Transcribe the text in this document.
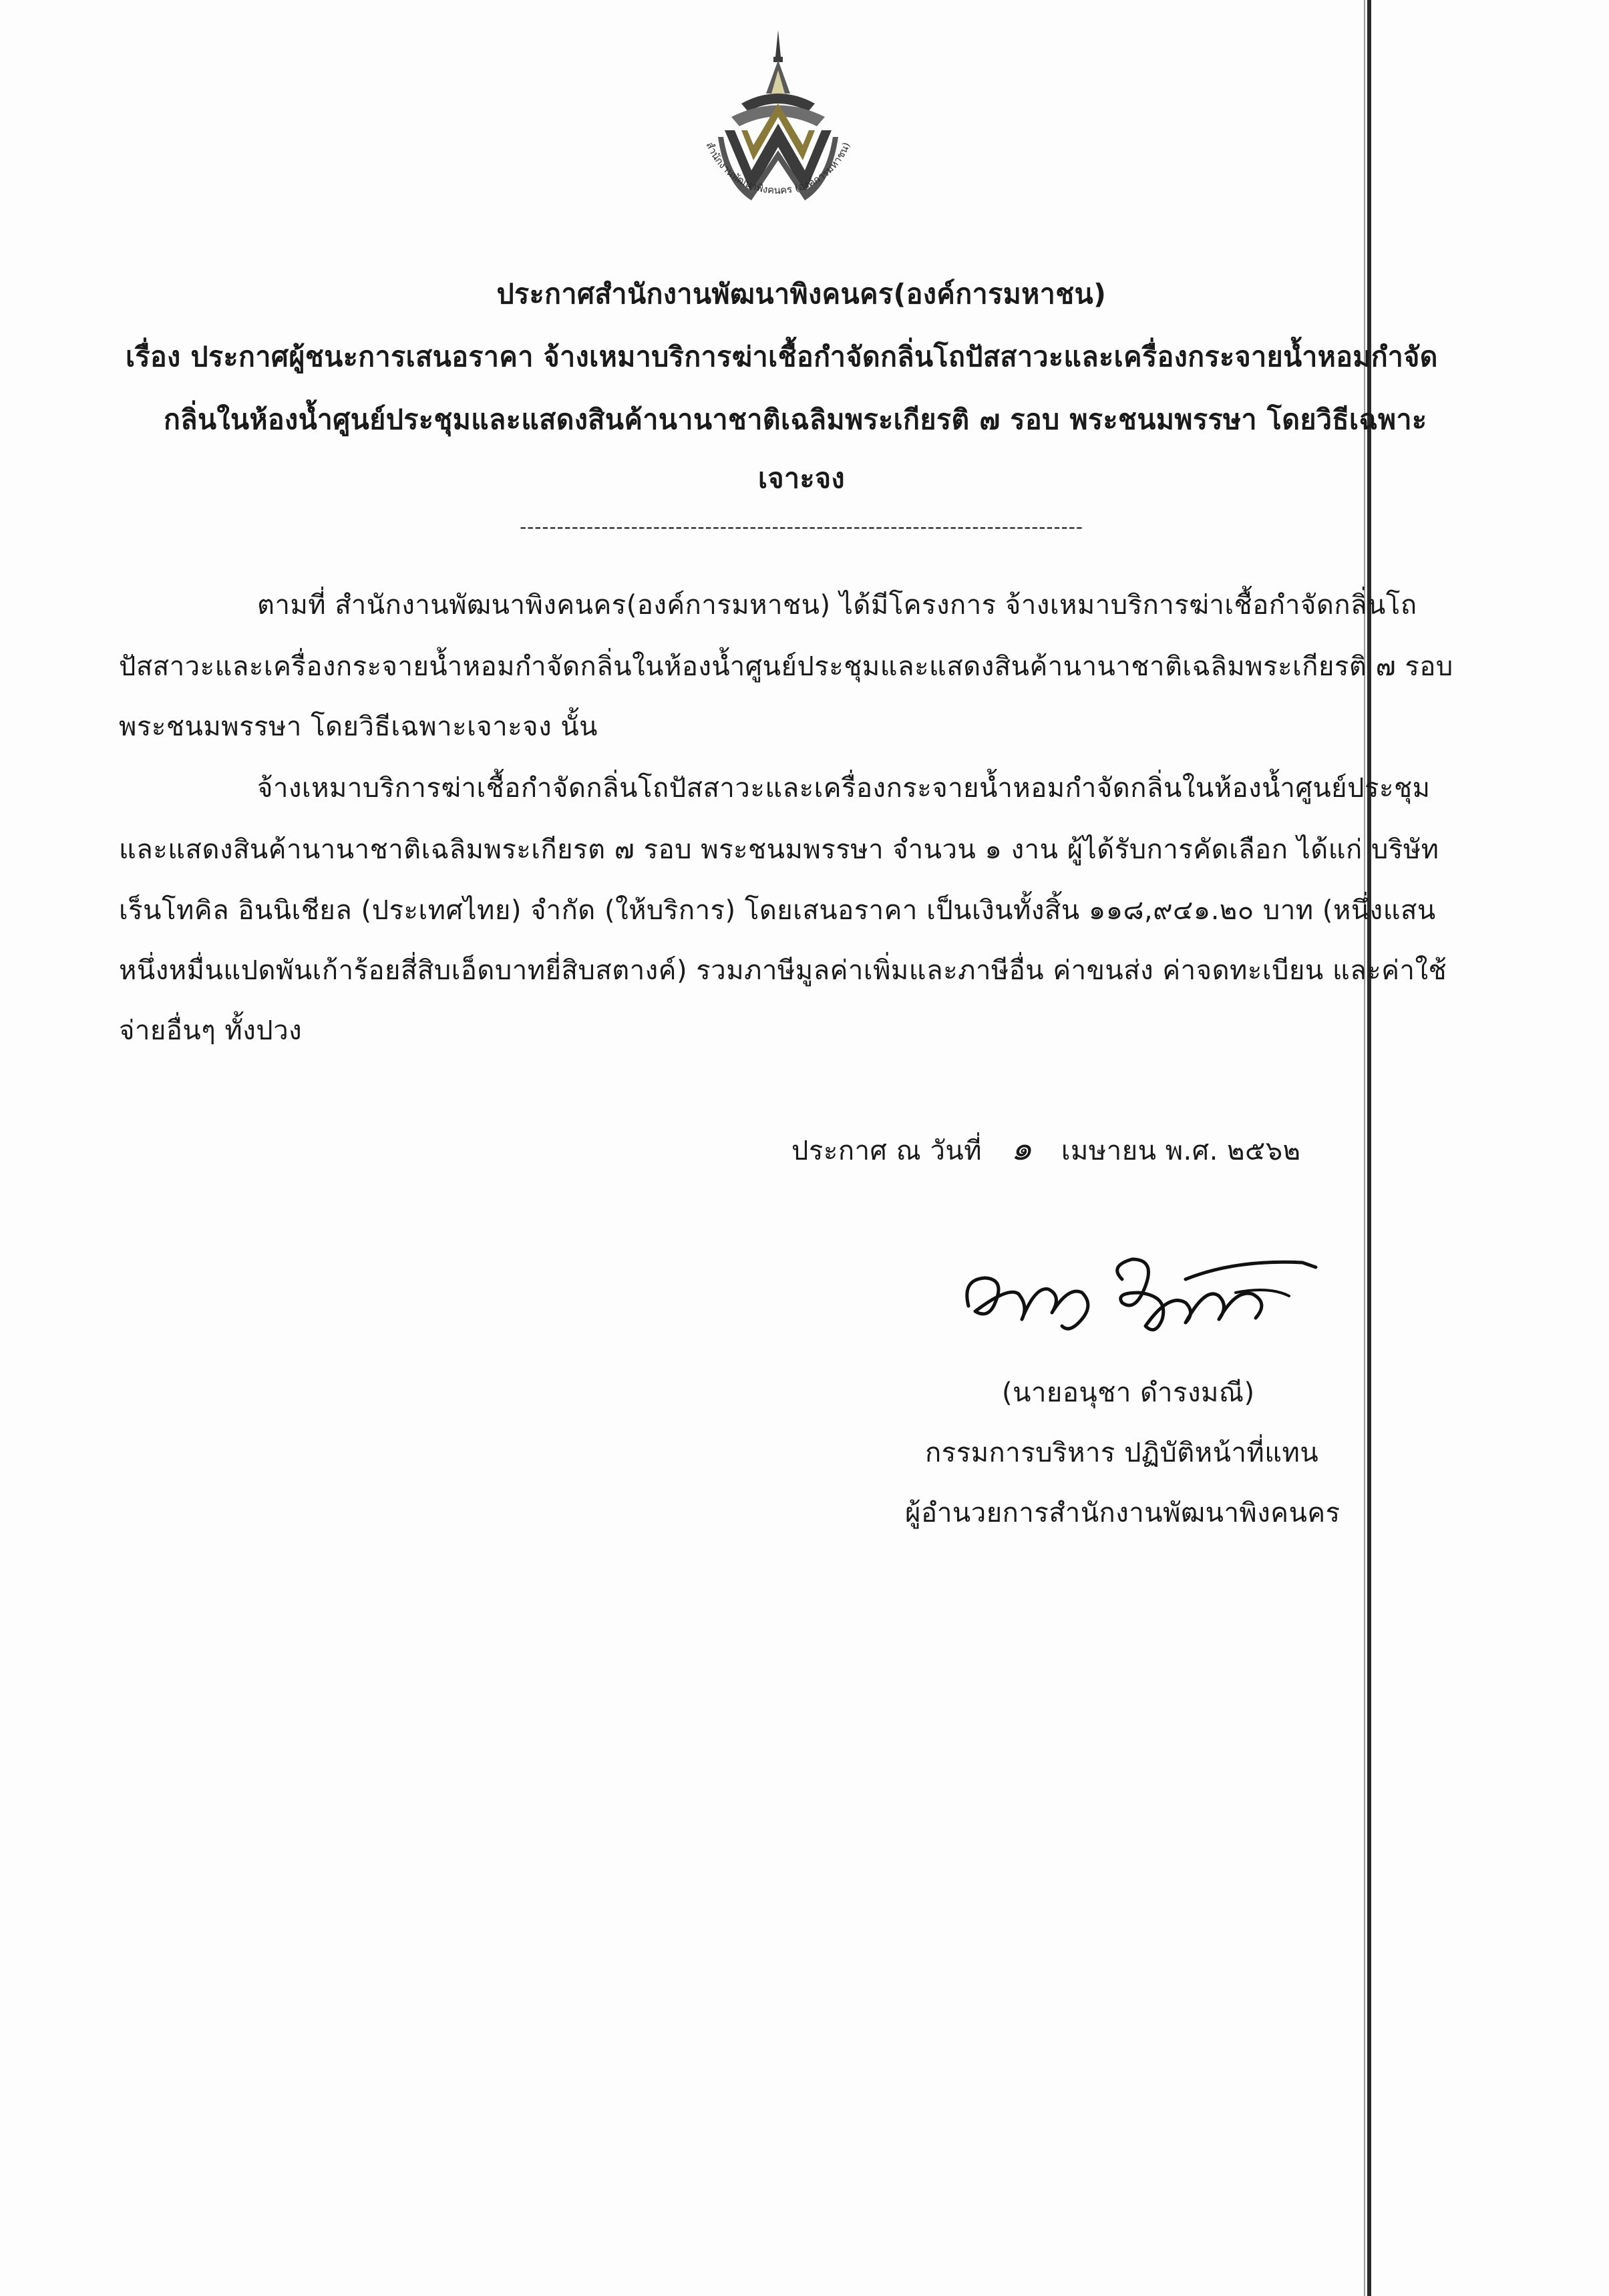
สำนักงานพัฒนาพิงคนคร (องค์การมหาชน)
ประกาศสำนักงานพัฒนาพิงคนคร(องค์การมหาชน)
เรื่อง ประกาศผู้ชนะการเสนอราคา จ้างเหมาบริการฆ่าเชื้อกำจัดกลิ่นโถปัสสาวะและเครื่องกระจายน้ำหอมกำจัด
กลิ่นในห้องน้ำศูนย์ประชุมและแสดงสินค้านานาชาติเฉลิมพระเกียรติ ๗ รอบ พระชนมพรรษา โดยวิธีเฉพาะ
เจาะจง
----------------------------------------------------------------------------
ตามที่ สำนักงานพัฒนาพิงคนคร(องค์การมหาชน) ได้มีโครงการ จ้างเหมาบริการฆ่าเชื้อกำจัดกลิ่นโถ
ปัสสาวะและเครื่องกระจายน้ำหอมกำจัดกลิ่นในห้องน้ำศูนย์ประชุมและแสดงสินค้านานาชาติเฉลิมพระเกียรติ ๗ รอบ
พระชนมพรรษา โดยวิธีเฉพาะเจาะจง นั้น
จ้างเหมาบริการฆ่าเชื้อกำจัดกลิ่นโถปัสสาวะและเครื่องกระจายน้ำหอมกำจัดกลิ่นในห้องน้ำศูนย์ประชุม
และแสดงสินค้านานาชาติเฉลิมพระเกียรต ๗ รอบ พระชนมพรรษา จำนวน ๑ งาน ผู้ได้รับการคัดเลือก ได้แก่ บริษัท
เร็นโทคิล อินนิเชียล (ประเทศไทย) จำกัด (ให้บริการ) โดยเสนอราคา เป็นเงินทั้งสิ้น ๑๑๘,๙๔๑.๒๐ บาท (หนึ่งแสน
หนึ่งหมื่นแปดพันเก้าร้อยสี่สิบเอ็ดบาทยี่สิบสตางค์) รวมภาษีมูลค่าเพิ่มและภาษีอื่น ค่าขนส่ง ค่าจดทะเบียน และค่าใช้
จ่ายอื่นๆ ทั้งปวง
ประกาศ ณ วันที่ ๑ เมษายน พ.ศ. ๒๕๖๒
(นายอนุชา ดำรงมณี)
กรรมการบริหาร ปฏิบัติหน้าที่แทน
ผู้อำนวยการสำนักงานพัฒนาพิงคนคร
